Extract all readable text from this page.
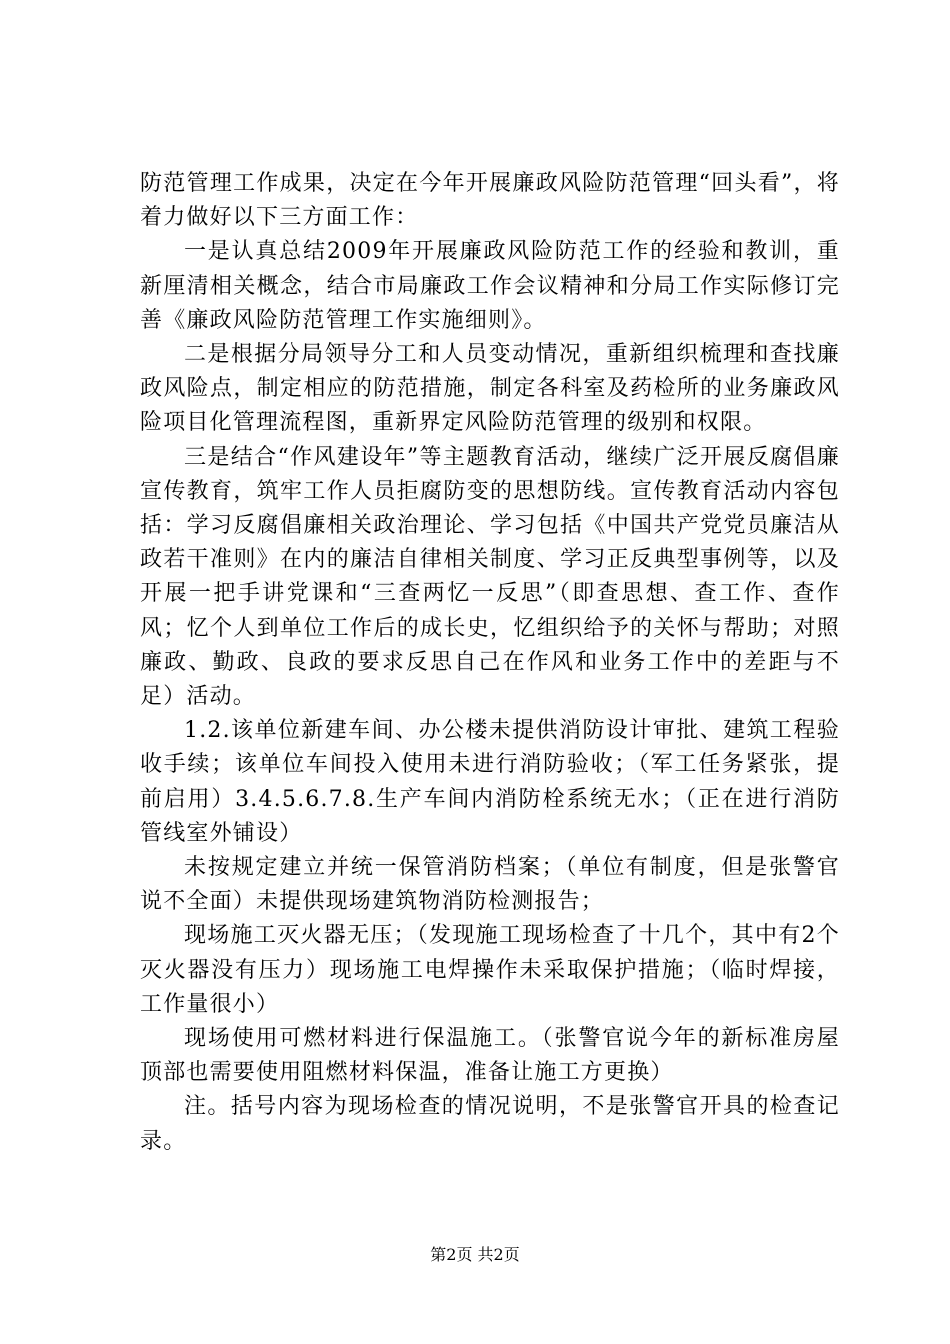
防范管理工作成果，决定在今年开展廉政风险防范管理“回头看”，将着力做好以下三方面工作：

一是认真总结2009年开展廉政风险防范工作的经验和教训，重新厘清相关概念，结合市局廉政工作会议精神和分局工作实际修订完善《廉政风险防范管理工作实施细则》。

二是根据分局领导分工和人员变动情况，重新组织梳理和查找廉政风险点，制定相应的防范措施，制定各科室及药检所的业务廉政风险项目化管理流程图，重新界定风险防范管理的级别和权限。

三是结合“作风建设年”等主题教育活动，继续广泛开展反腐倡廉宣传教育，筑牢工作人员拒腐防变的思想防线。宣传教育活动内容包括：学习反腐倡廉相关政治理论、学习包括《中国共产党党员廉洁从政若干准则》在内的廉洁自律相关制度、学习正反典型事例等，以及开展一把手讲党课和“三查两忆一反思”（即查思想、查工作、查作风；忆个人到单位工作后的成长史，忆组织给予的关怀与帮助；对照廉政、勤政、良政的要求反思自己在作风和业务工作中的差距与不足）活动。

1.2.该单位新建车间、办公楼未提供消防设计审批、建筑工程验收手续；该单位车间投入使用未进行消防验收；（军工任务紧张，提前启用）3.4.5.6.7.8.生产车间内消防栓系统无水；（正在进行消防管线室外铺设）

未按规定建立并统一保管消防档案；（单位有制度，但是张警官说不全面）未提供现场建筑物消防检测报告；

现场施工灭火器无压；（发现施工现场检查了十几个，其中有2个灭火器没有压力）现场施工电焊操作未采取保护措施；（临时焊接，工作量很小）

现场使用可燃材料进行保温施工。（张警官说今年的新标准房屋顶部也需要使用阻燃材料保温，准备让施工方更换）

注。括号内容为现场检查的情况说明，不是张警官开具的检查记录。

第2页 共2页
